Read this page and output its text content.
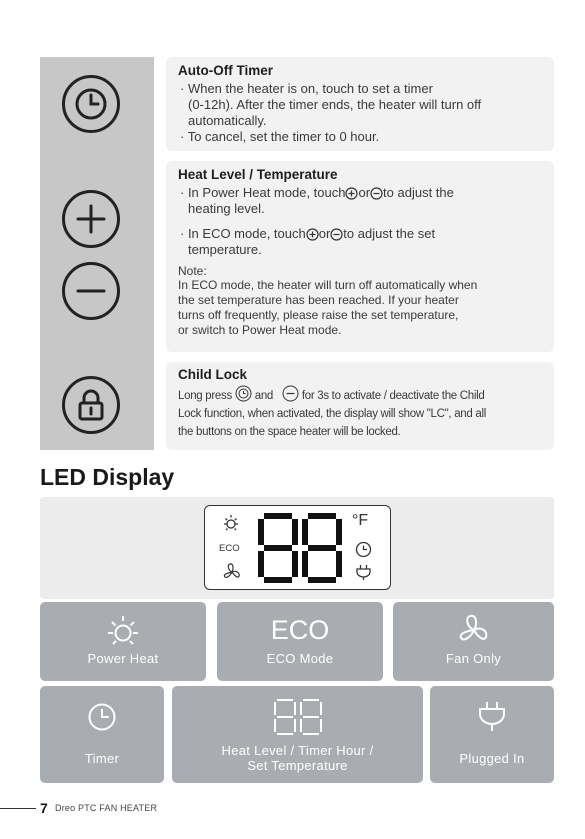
Auto-Off Timer

· When the heater is on, touch to set a timer

(0-12h). After the timer ends, the heater will turn off

automatically.

· To cancel, set the timer to 0 hour.

Heat Level / Temperature

· In Power Heat mode, touch or to adjust the

heating level.

· In ECO mode, touch or to adjust the set

temperature.

Note:

In ECO mode, the heater will turn off automatically when

the set temperature has been reached. If your heater

turns off frequently, please raise the set temperature,

or switch to Power Heat mode.

Child Lock

Long press and	for 3s to activate / deactivate the Child

Lock function, when activated, the display will show "LC", and all

the buttons on the space heater will be locked.

LED Display
ECO
°F
Power Heat
ECO
ECO Mode	Fan Only
Timer
Heat Level / Timer Hour /
Set Temperature	Plugged In
7 Dreo PTC FAN HEATER
